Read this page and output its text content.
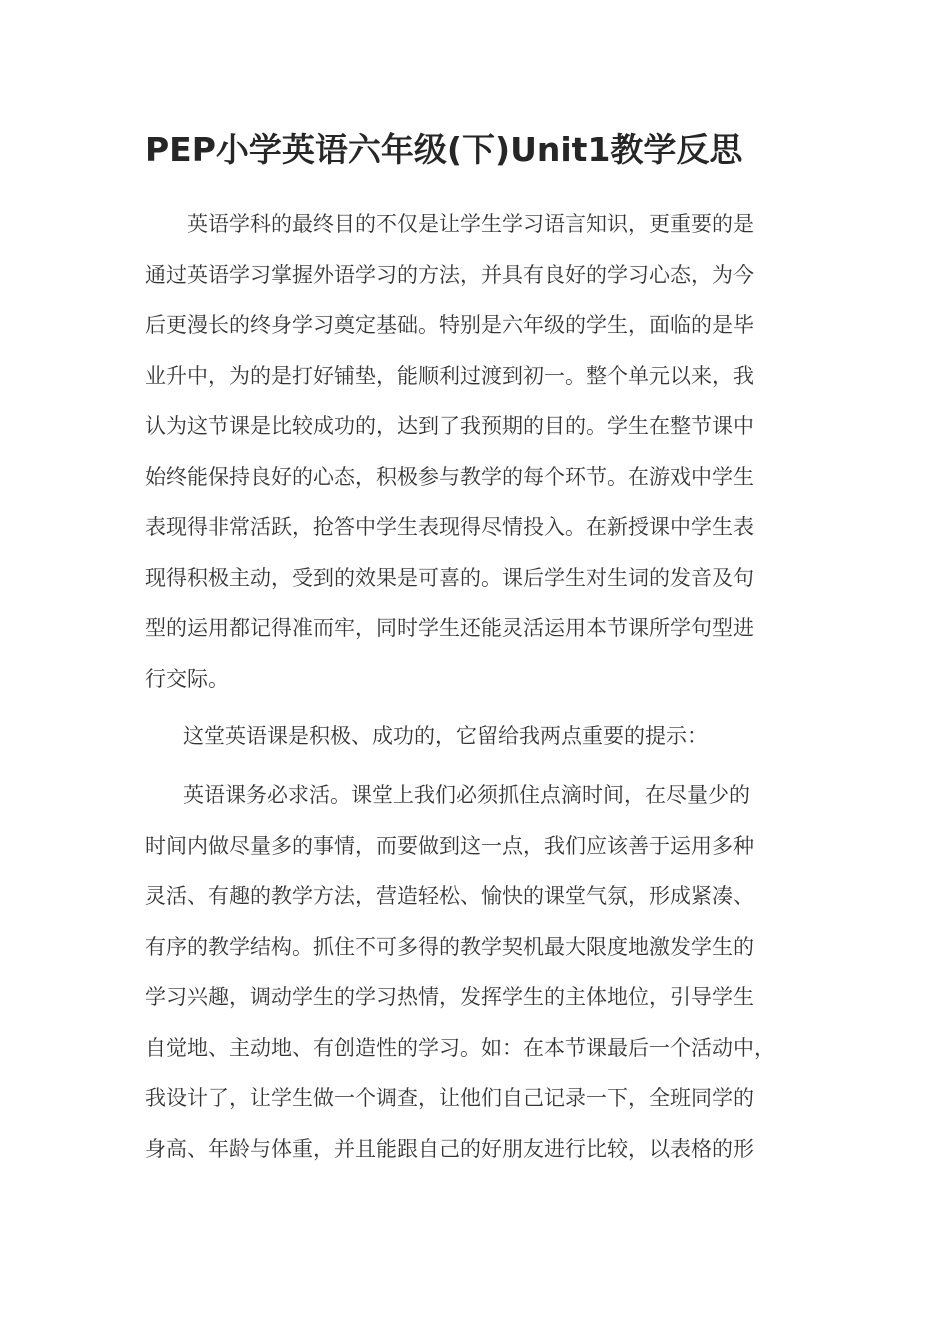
PEP小学英语六年级(下)Unit1教学反思
英语学科的最终目的不仅是让学生学习语言知识，更重要的是
通过英语学习掌握外语学习的方法，并具有良好的学习心态，为今
后更漫长的终身学习奠定基础。特别是六年级的学生，面临的是毕
业升中，为的是打好铺垫，能顺利过渡到初一。整个单元以来，我
认为这节课是比较成功的，达到了我预期的目的。学生在整节课中
始终能保持良好的心态，积极参与教学的每个环节。在游戏中学生
表现得非常活跃，抢答中学生表现得尽情投入。在新授课中学生表
现得积极主动，受到的效果是可喜的。课后学生对生词的发音及句
型的运用都记得准而牢，同时学生还能灵活运用本节课所学句型进
行交际。
这堂英语课是积极、成功的，它留给我两点重要的提示：
英语课务必求活。课堂上我们必须抓住点滴时间，在尽量少的
时间内做尽量多的事情，而要做到这一点，我们应该善于运用多种
灵活、有趣的教学方法，营造轻松、愉快的课堂气氛，形成紧凑、
有序的教学结构。抓住不可多得的教学契机最大限度地激发学生的
学习兴趣，调动学生的学习热情，发挥学生的主体地位，引导学生
自觉地、主动地、有创造性的学习。如：在本节课最后一个活动中，
我设计了，让学生做一个调查，让他们自己记录一下，全班同学的
身高、年龄与体重，并且能跟自己的好朋友进行比较，以表格的形
